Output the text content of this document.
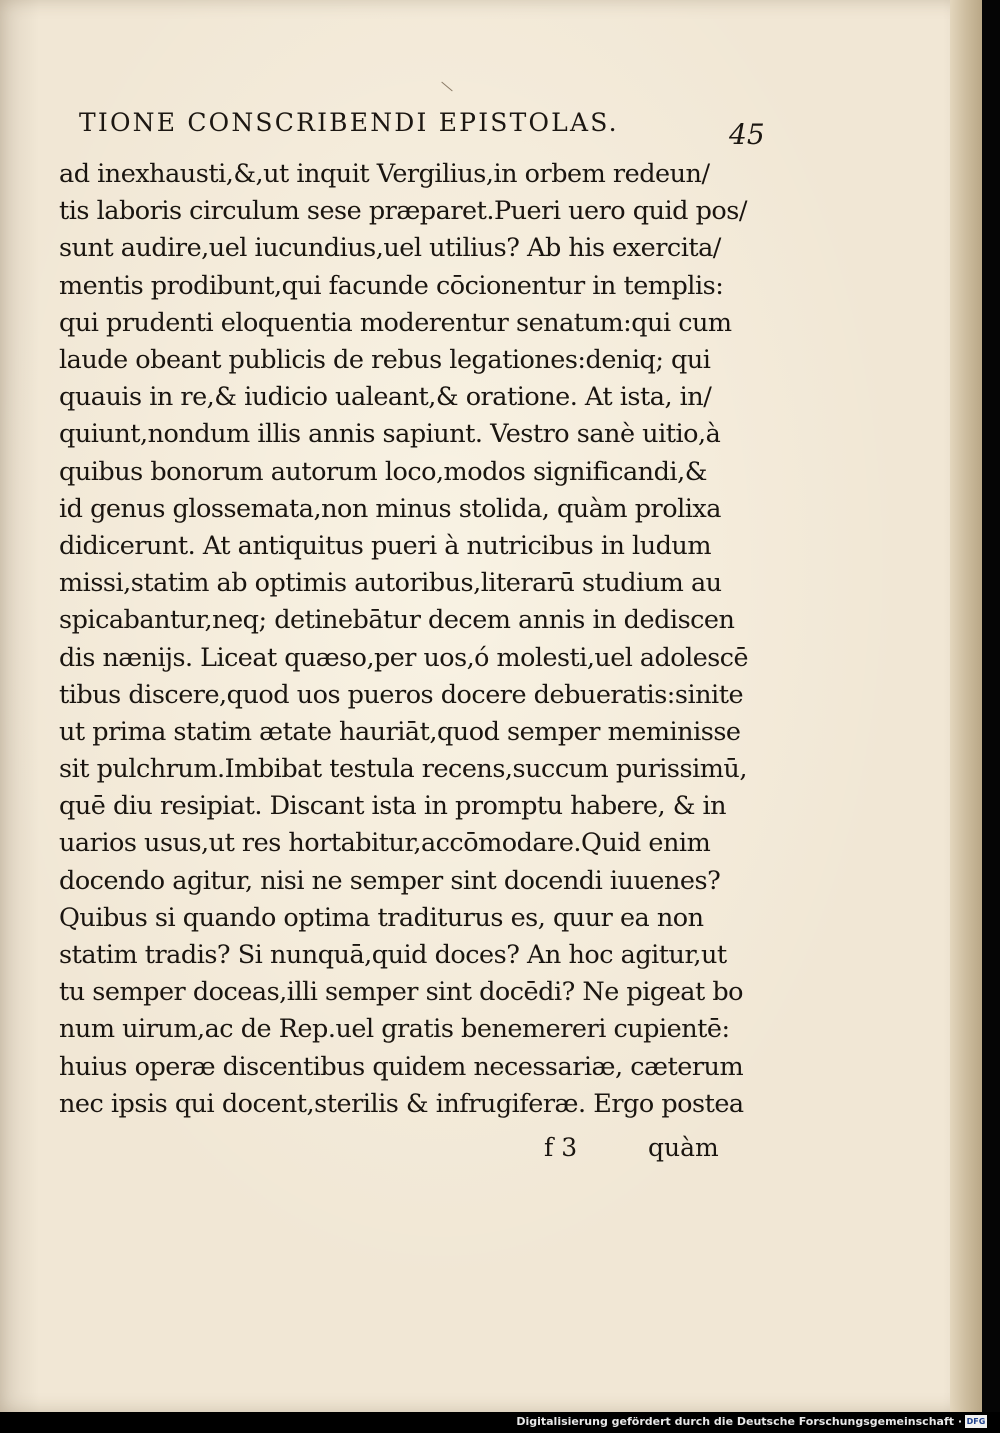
TIONE CONSCRIBENDI EPISTOLAS.	45
ad inexhausti,&,ut inquit Vergilius,in orbem redeun/
tis laboris circulum sese præparet.Pueri uero quid pos/
sunt audire,uel iucundius,uel utilius? Ab his exercita/
mentis prodibunt,qui facunde cōcionentur in templis:
qui prudenti eloquentia moderentur senatum:qui cum
laude obeant publicis de rebus legationes:deniq; qui
quauis in re,& iudicio ualeant,& oratione. At ista, in/
quiunt,nondum illis annis sapiunt. Vestro sanè uitio,à
quibus bonorum autorum loco,modos significandi,&
id genus glossemata,non minus stolida, quàm prolixa
didicerunt. At antiquitus pueri à nutricibus in ludum
missi,statim ab optimis autoribus,literarū studium au
spicabantur,neq; detinebātur decem annis in dediscen
dis nænijs. Liceat quæso,per uos,ó molesti,uel adolescē
tibus discere,quod uos pueros docere debueratis:sinite
ut prima statim ætate hauriāt,quod semper meminisse
sit pulchrum.Imbibat testula recens,succum purissimū,
quē diu resipiat. Discant ista in promptu habere, & in
uarios usus,ut res hortabitur,accōmodare.Quid enim
docendo agitur, nisi ne semper sint docendi iuuenes?
Quibus si quando optima traditurus es, quur ea non
statim tradis? Si nunquā,quid doces? An hoc agitur,ut
tu semper doceas,illi semper sint docēdi? Ne pigeat bo
num uirum,ac de Rep.uel gratis benemereri cupientē:
huius operæ discentibus quidem necessariæ, cæterum
nec ipsis qui docent,sterilis & infrugiferæ. Ergo postea
f 3	quàm
Digitalisierung gefördert durch die Deutsche Forschungsgemeinschaft · DFG
